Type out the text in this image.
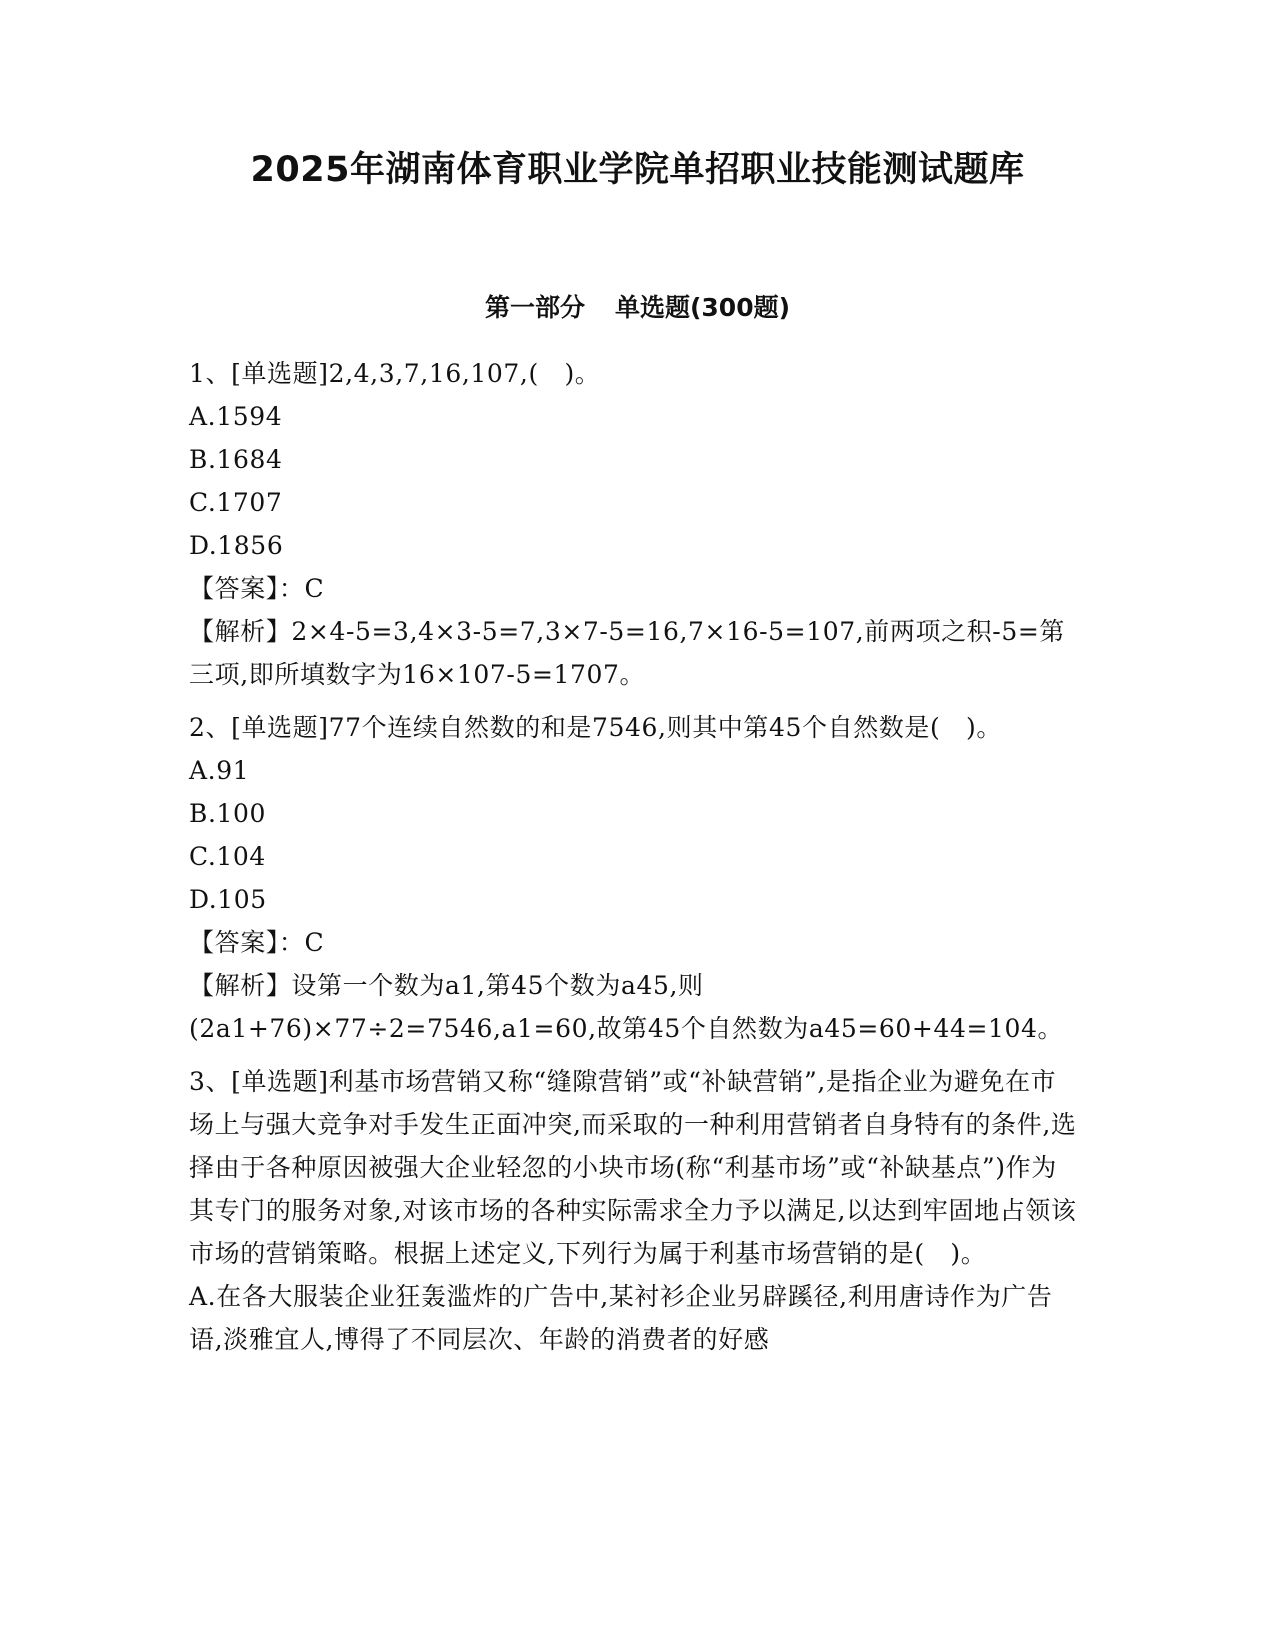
2025年湖南体育职业学院单招职业技能测试题库
第一部分 单选题(300题)
1、[单选题]2,4,3,7,16,107,(   )。
A.1594
B.1684
C.1707
D.1856
【答案】：C
【解析】2×4-5=3,4×3-5=7,3×7-5=16,7×16-5=107,前两项之积-5=第三项,即所填数字为16×107-5=1707。
2、[单选题]77个连续自然数的和是7546,则其中第45个自然数是(   )。
A.91
B.100
C.104
D.105
【答案】：C
【解析】设第一个数为a1,第45个数为a45,则(2a1+76)×77÷2=7546,a1=60,故第45个自然数为a45=60+44=104。
3、[单选题]利基市场营销又称“缝隙营销”或“补缺营销”,是指企业为避免在市场上与强大竞争对手发生正面冲突,而采取的一种利用营销者自身特有的条件,选择由于各种原因被强大企业轻忽的小块市场(称“利基市场”或“补缺基点”)作为其专门的服务对象,对该市场的各种实际需求全力予以满足,以达到牢固地占领该市场的营销策略。根据上述定义,下列行为属于利基市场营销的是(   )。
A.在各大服装企业狂轰滥炸的广告中,某衬衫企业另辟蹊径,利用唐诗作为广告语,淡雅宜人,博得了不同层次、年龄的消费者的好感
